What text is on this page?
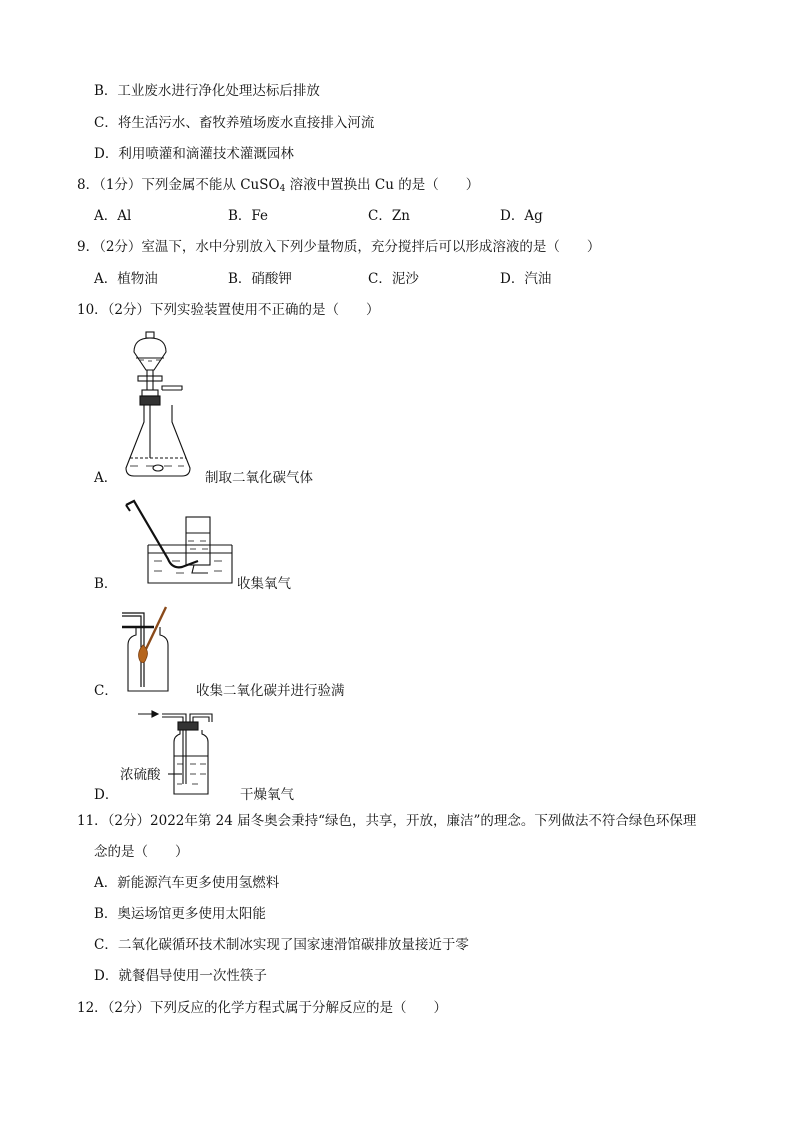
B．工业废水进行净化处理达标后排放
C．将生活污水、畜牧养殖场废水直接排入河流
D．利用喷灌和滴灌技术灌溉园林
8．（1分）下列金属不能从 CuSO$_4$ 溶液中置换出 Cu 的是（　　）
A．Al	B．Fe	C．Zn	D．Ag
9．（2分）室温下，水中分别放入下列少量物质，充分搅拌后可以形成溶液的是（　　）
A．植物油	B．硝酸钾	C．泥沙	D．汽油
10．（2分）下列实验装置使用不正确的是（　　）
A．	制取二氧化碳气体
B．	收集氧气
C．	收集二氧化碳并进行验满
浓硫酸
D．	干燥氧气
11．（2分）2022年第 24 届冬奥会秉持“绿色，共享，开放，廉洁”的理念。下列做法不符合绿色环保理
念的是（　　）
A．新能源汽车更多使用氢燃料
B．奥运场馆更多使用太阳能
C．二氧化碳循环技术制冰实现了国家速滑馆碳排放量接近于零
D．就餐倡导使用一次性筷子
12．（2分）下列反应的化学方程式属于分解反应的是（　　）
